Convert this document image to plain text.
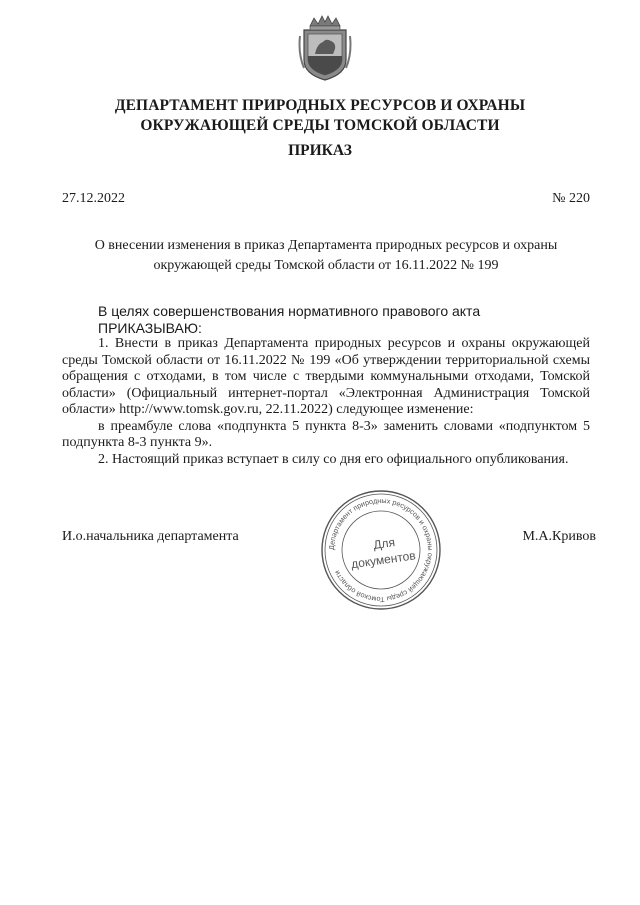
ДЕПАРТАМЕНТ ПРИРОДНЫХ РЕСУРСОВ И ОХРАНЫ
ОКРУЖАЮЩЕЙ СРЕДЫ ТОМСКОЙ ОБЛАСТИ
ПРИКАЗ
27.12.2022	№ 220
О внесении изменения в приказ Департамента природных ресурсов и охраны
окружающей среды Томской области от 16.11.2022 № 199

В целях совершенствования нормативного правового акта

ПРИКАЗЫВАЮ:

1. Внести в приказ Департамента природных ресурсов и охраны окружающей среды Томской области от 16.11.2022 № 199 «Об утверждении территориальной схемы обращения с отходами, в том числе с твердыми коммунальными отходами, Томской области» (Официальный интернет-портал «Электронная Администрация Томской области» http://www.tomsk.gov.ru, 22.11.2022) следующее изменение:

в преамбуле слова «подпункта 5 пункта 8-3» заменить словами «подпунктом 5 подпункта 8-3 пункта 9».

2. Настоящий приказ вступает в силу со дня его официального опубликования.

И.о.начальника департамента	М.А.Кривов
Департамент природных ресурсов и охраны окружающей среды Томской области
Для
документов
